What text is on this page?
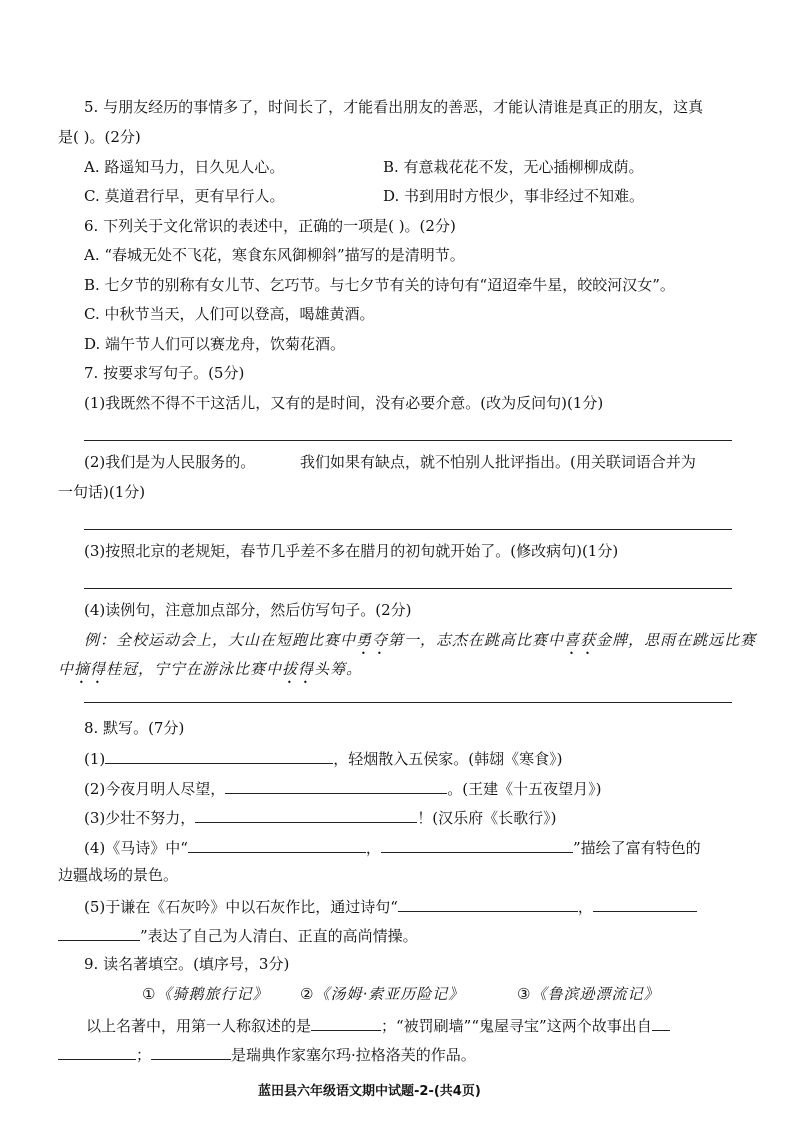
5. 与朋友经历的事情多了，时间长了，才能看出朋友的善恶，才能认清谁是真正的朋友，这真
是( )。(2分)
A. 路遥知马力，日久见人心。	B. 有意栽花花不发，无心插柳柳成荫。
C. 莫道君行早，更有早行人。	D. 书到用时方恨少，事非经过不知难。
6. 下列关于文化常识的表述中，正确的一项是( )。(2分)
A. “春城无处不飞花，寒食东风御柳斜”描写的是清明节。
B. 七夕节的别称有女儿节、乞巧节。与七夕节有关的诗句有“迢迢牵牛星，皎皎河汉女”。
C. 中秋节当天，人们可以登高，喝雄黄酒。
D. 端午节人们可以赛龙舟，饮菊花酒。
7. 按要求写句子。(5分)
(1)我既然不得不干这活儿，又有的是时间，没有必要介意。(改为反问句)(1分)
(2)我们是为人民服务的。	我们如果有缺点，就不怕别人批评指出。(用关联词语合并为
一句话)(1分)
(3)按照北京的老规矩，春节几乎差不多在腊月的初旬就开始了。(修改病句)(1分)
(4)读例句，注意加点部分，然后仿写句子。(2分)
例：全校运动会上，大山在短跑比赛中勇夺第一，志杰在跳高比赛中喜获金牌，思雨在跳远比赛
中摘得桂冠，宁宁在游泳比赛中拔得头筹。
8. 默写。(7分)
(1)	，轻烟散入五侯家。(韩翃《寒食》)
(2)今夜月明人尽望，	。(王建《十五夜望月》)
(3)少壮不努力，	！(汉乐府《长歌行》)
(4)《马诗》中“	，	”描绘了富有特色的
边疆战场的景色。
(5)于谦在《石灰吟》中以石灰作比，通过诗句“	，
”表达了自己为人清白、正直的高尚情操。
9. 读名著填空。(填序号，3分)
①《骑鹅旅行记》 ②《汤姆·索亚历险记》	③《鲁滨逊漂流记》
以上名著中，用第一人称叙述的是	；“被罚刷墙”“鬼屋寻宝”这两个故事出自
；	是瑞典作家塞尔玛·拉格洛芙的作品。
蓝田县六年级语文期中试题-2-(共4页)
